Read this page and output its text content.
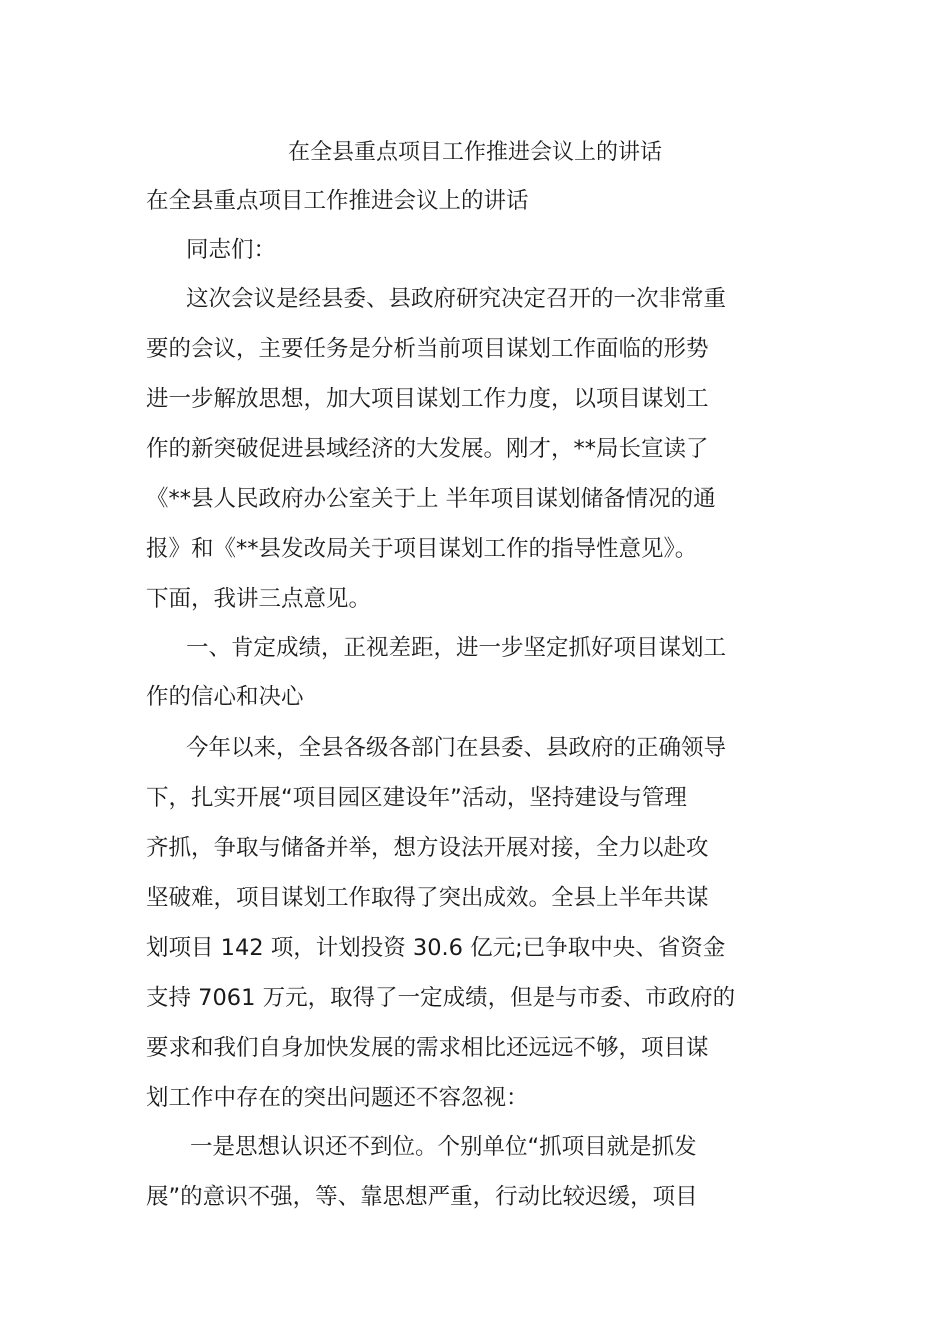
在全县重点项目工作推进会议上的讲话
在全县重点项目工作推进会议上的讲话
同志们：
这次会议是经县委、县政府研究决定召开的一次非常重
要的会议，主要任务是分析当前项目谋划工作面临的形势
进一步解放思想，加大项目谋划工作力度，以项目谋划工
作的新突破促进县域经济的大发展。刚才，**局长宣读了
《**县人民政府办公室关于上 半年项目谋划储备情况的通
报》和《**县发改局关于项目谋划工作的指导性意见》。
下面，我讲三点意见。
一、肯定成绩，正视差距，进一步坚定抓好项目谋划工
作的信心和决心
今年以来，全县各级各部门在县委、县政府的正确领导
下，扎实开展“项目园区建设年”活动，坚持建设与管理
齐抓，争取与储备并举，想方设法开展对接，全力以赴攻
坚破难，项目谋划工作取得了突出成效。全县上半年共谋
划项目 142 项，计划投资 30.6 亿元;已争取中央、省资金
支持 7061 万元，取得了一定成绩，但是与市委、市政府的
要求和我们自身加快发展的需求相比还远远不够，项目谋
划工作中存在的突出问题还不容忽视：
一是思想认识还不到位。个别单位“抓项目就是抓发
展”的意识不强，等、靠思想严重，行动比较迟缓，项目
